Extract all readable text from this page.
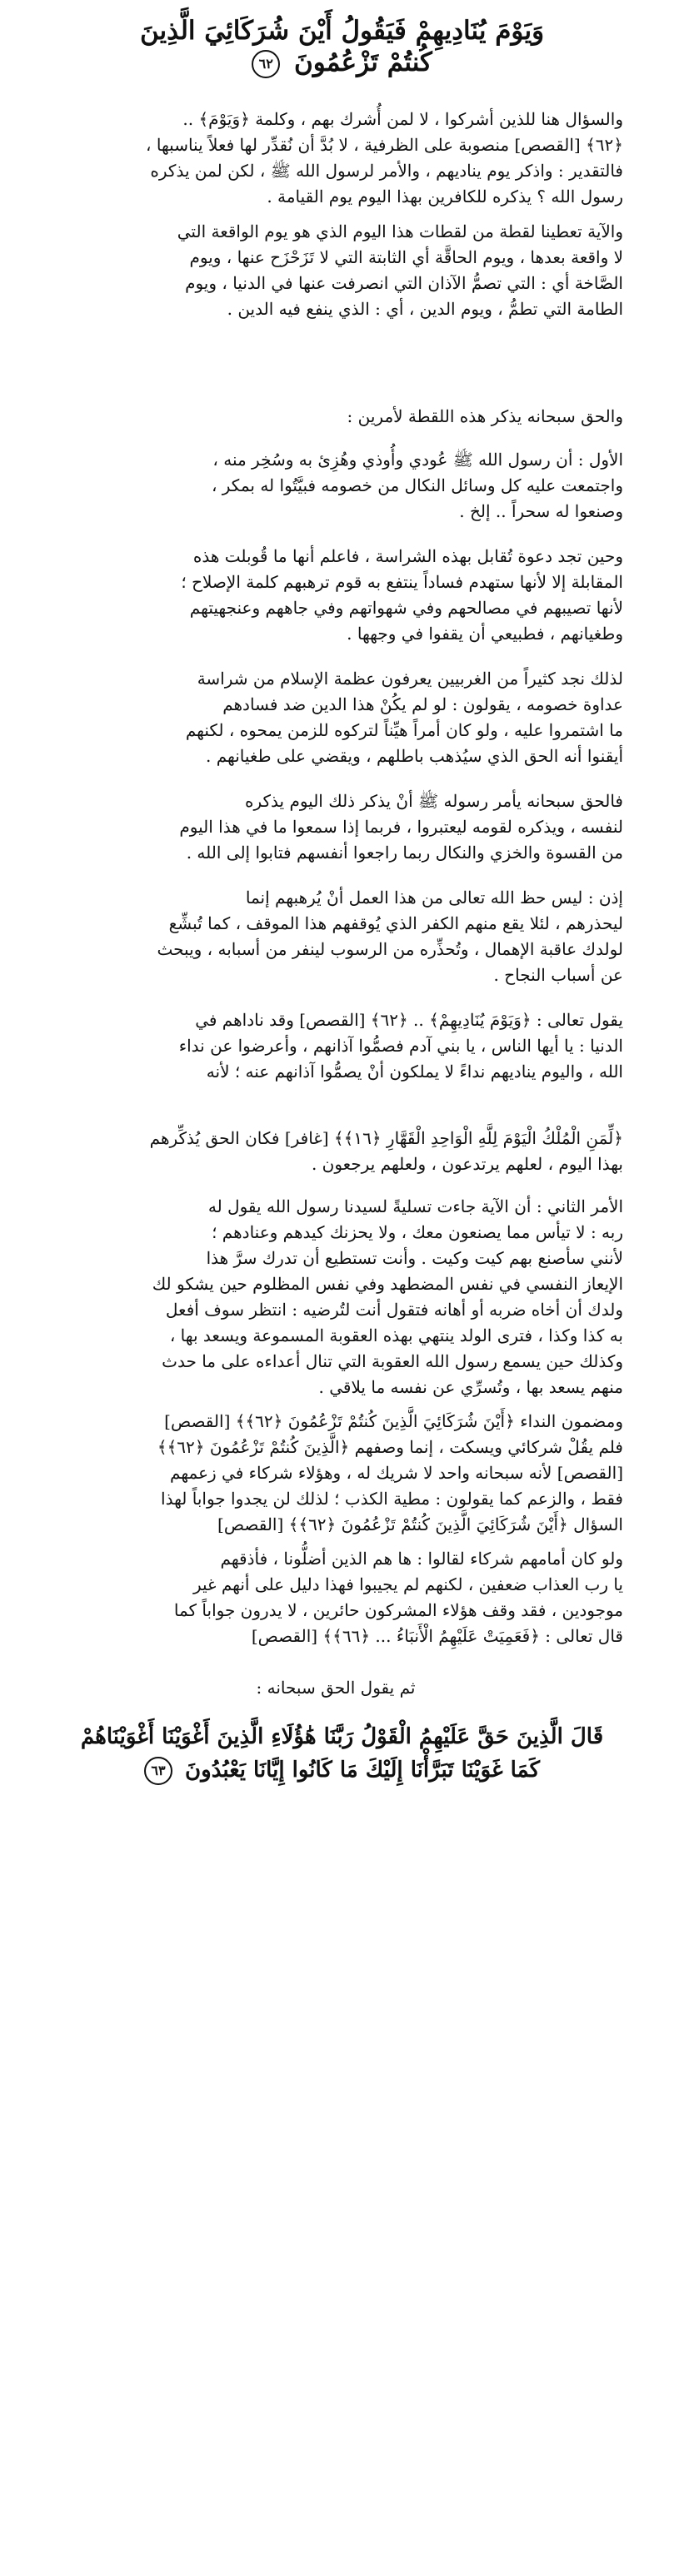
وَيَوْمَ يُنَادِيهِمْ فَيَقُولُ أَيْنَ شُرَكَائِيَ الَّذِينَ
كُنتُمْ تَزْعُمُونَ ٦٢
والسؤال هنا للذين أشركوا ، لا لمن أُشرك بهم ، وكلمة ﴿وَيَوْمَ﴾ ..
﴿٦٢﴾ [القصص] منصوبة على الظرفية ، لا بُدَّ أن نُقدِّر لها فعلاً يناسبها ،
فالتقدير : واذكر يوم يناديهم ، والأمر لرسول الله ﷺ ، لكن لمن يذكره
رسول الله ؟ يذكره للكافرين بهذا اليوم يوم القيامة .
والآية تعطينا لقطة من لقطات هذا اليوم الذي هو يوم الواقعة التي
لا واقعة بعدها ، ويوم الحاقَّة أي الثابتة التي لا تَزَحْزَح عنها ، ويوم
الصَّاخة أي : التي تصمُّ الآذان التي انصرفت عنها في الدنيا ، ويوم
الطامة التي تطمُّ ، ويوم الدين ، أي : الذي ينفع فيه الدين .
والحق سبحانه يذكر هذه اللقطة لأمرين :
الأول : أن رسول الله ﷺ عُودي وأُوذي وهُزِئ به وسُخِر منه ،
واجتمعت عليه كل وسائل النكال من خصومه فبيَّتُوا له بمكر ،
وصنعوا له سحراً .. إلخ .
وحين تجد دعوة تُقابل بهذه الشراسة ، فاعلم أنها ما قُوبلت هذه
المقابلة إلا لأنها ستهدم فساداً ينتفع به قوم ترهبهم كلمة الإصلاح ؛
لأنها تصيبهم في مصالحهم وفي شهواتهم وفي جاههم وعنجهيتهم
وطغيانهم ، فطبيعي أن يقفوا في وجهها .
لذلك نجد كثيراً من الغربيين يعرفون عظمة الإسلام من شراسة
عداوة خصومه ، يقولون : لو لم يكُنْ هذا الدين ضد فسادهم
ما اشتمروا عليه ، ولو كان أمراً هيِّناً لتركوه للزمن يمحوه ، لكنهم
أيقنوا أنه الحق الذي سيُذهب باطلهم ، ويقضي على طغيانهم .
فالحق سبحانه يأمر رسوله ﷺ أنْ يذكر ذلك اليوم يذكره
لنفسه ، ويذكره لقومه ليعتبروا ، فربما إذا سمعوا ما في هذا اليوم
من القسوة والخزي والنكال ربما راجعوا أنفسهم فتابوا إلى الله .
إذن : ليس حظ الله تعالى من هذا العمل أنْ يُرهبهم إنما
ليحذرهم ، لئلا يقع منهم الكفر الذي يُوقفهم هذا الموقف ، كما تُبشِّع
لولدك عاقبة الإهمال ، وتُحذِّره من الرسوب لينفر من أسبابه ، ويبحث
عن أسباب النجاح .
يقول تعالى : ﴿وَيَوْمَ يُنَادِيهِمْ﴾ .. ﴿٦٢﴾ [القصص] وقد ناداهم في
الدنيا : يا أيها الناس ، يا بني آدم فصمُّوا آذانهم ، وأعرضوا عن نداء
الله ، واليوم يناديهم نداءً لا يملكون أنْ يصمُّوا آذانهم عنه ؛ لأنه
﴿لِّمَنِ الْمُلْكُ الْيَوْمَ لِلَّهِ الْوَاحِدِ الْقَهَّارِ ﴿١٦﴾﴾ [غافر] فكان الحق يُذكِّرهم
بهذا اليوم ، لعلهم يرتدعون ، ولعلهم يرجعون .
الأمر الثاني : أن الآية جاءت تسليةً لسيدنا رسول الله يقول له
ربه : لا تيأس مما يصنعون معك ، ولا يحزنك كيدهم وعنادهم ؛
لأنني سأصنع بهم كيت وكيت . وأنت تستطيع أن تدرك سرَّ هذا
الإيعاز النفسي في نفس المضطهد وفي نفس المظلوم حين يشكو لك
ولدك أن أخاه ضربه أو أهانه فتقول أنت لتُرضيه : انتظر سوف أفعل
به كذا وكذا ، فترى الولد ينتهي بهذه العقوبة المسموعة ويسعد بها ،
وكذلك حين يسمع رسول الله العقوبة التي تنال أعداءه على ما حدث
منهم يسعد بها ، وتُسرِّي عن نفسه ما يلاقي .
ومضمون النداء ﴿أَيْنَ شُرَكَائِيَ الَّذِينَ كُنتُمْ تَزْعُمُونَ ﴿٦٢﴾﴾ [القصص]
فلم يقُلْ شركائي ويسكت ، إنما وصفهم ﴿الَّذِينَ كُنتُمْ تَزْعُمُونَ ﴿٦٢﴾﴾
[القصص] لأنه سبحانه واحد لا شريك له ، وهؤلاء شركاء في زعمهم
فقط ، والزعم كما يقولون : مطية الكذب ؛ لذلك لن يجدوا جواباً لهذا
السؤال ﴿أَيْنَ شُرَكَائِيَ الَّذِينَ كُنتُمْ تَزْعُمُونَ ﴿٦٢﴾﴾ [القصص]
ولو كان أمامهم شركاء لقالوا : ها هم الذين أضلُّونا ، فأذقهم
يا رب العذاب ضعفين ، لكنهم لم يجيبوا فهذا دليل على أنهم غير
موجودين ، فقد وقف هؤلاء المشركون حائرين ، لا يدرون جواباً كما
قال تعالى : ﴿فَعَمِيَتْ عَلَيْهِمُ الْأَنبَاءُ ... ﴿٦٦﴾﴾ [القصص]
ثم يقول الحق سبحانه :
قَالَ الَّذِينَ حَقَّ عَلَيْهِمُ الْقَوْلُ رَبَّنَا هَٰؤُلَاءِ الَّذِينَ أَغْوَيْنَا أَغْوَيْنَاهُمْ
كَمَا غَوَيْنَا تَبَرَّأْنَا إِلَيْكَ مَا كَانُوا إِيَّانَا يَعْبُدُونَ ٦٣
